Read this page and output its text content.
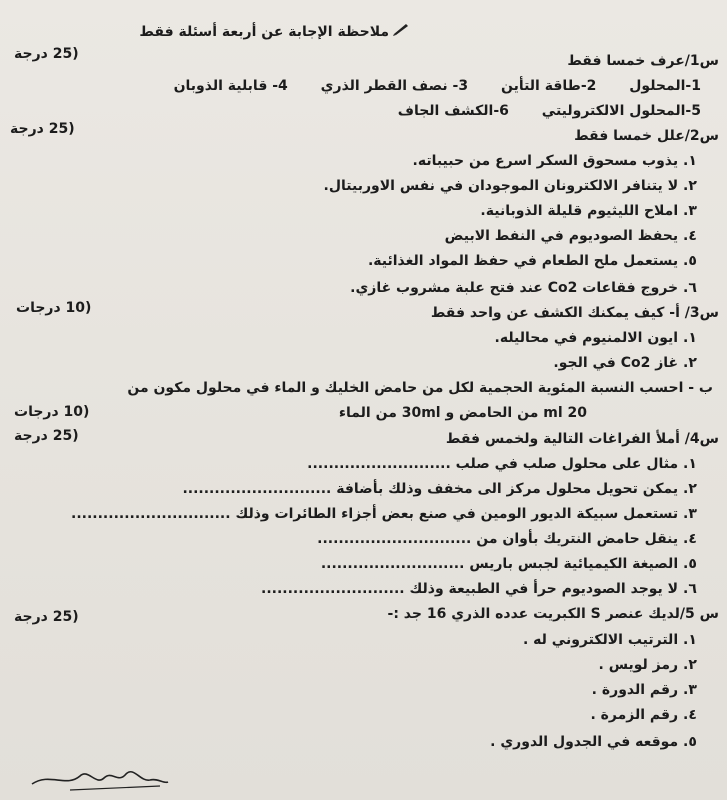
ملاحظة الإجابة عن أربعة أسئلة فقط
س1/عرف خمسا فقط
(25 درجة
1-المحلول 2-طاقة التأين 3- نصف القطر الذري 4- قابلية الذوبان
5-المحلول الالكتروليتي 6-الكشف الجاف
س2/علل خمسا فقط
(25 درجة
١. يذوب مسحوق السكر اسرع من حبيباته.
٢. لا يتنافر الالكترونان الموجودان في نفس الاوربيتال.
٣. املاح الليثيوم قليلة الذوبانية.
٤. يحفظ الصوديوم في النفط الابيض
٥. يستعمل ملح الطعام في حفظ المواد الغذائية.
٦. خروج فقاعات Co2 عند فتح علبة مشروب غازي.
س3/ أ- كيف يمكنك الكشف عن واحد فقط
(10 درجات
١. ايون الالمنيوم في محاليله.
٢. غاز Co2 في الجو.
ب - احسب النسبة المئوية الحجمية لكل من حامض الخليك و الماء في محلول مكون من
20 ml من الحامض و 30ml من الماء
(10 درجات
س4/ أملأ الفراغات التالية ولخمس فقط
(25 درجة
١. مثال على محلول صلب في صلب ...........................
٢. يمكن تحويل محلول مركز الى مخفف وذلك بأضافة ............................
٣. تستعمل سبيكة الديور الومين في صنع بعض أجزاء الطائرات وذلك ..............................
٤. ينقل حامض النتريك بأوان من .............................
٥. الصيغة الكيميائية لجبس باريس ...........................
٦. لا يوجد الصوديوم حرأ في الطبيعة وذلك ...........................
س 5/لديك عنصر S الكبريت عدده الذري 16 جد :-
(25 درجة
١. الترتيب الالكتروني له .
٢. رمز لويس .
٣. رقم الدورة .
٤. رقم الزمرة .
٥. موقعه في الجدول الدوري .
